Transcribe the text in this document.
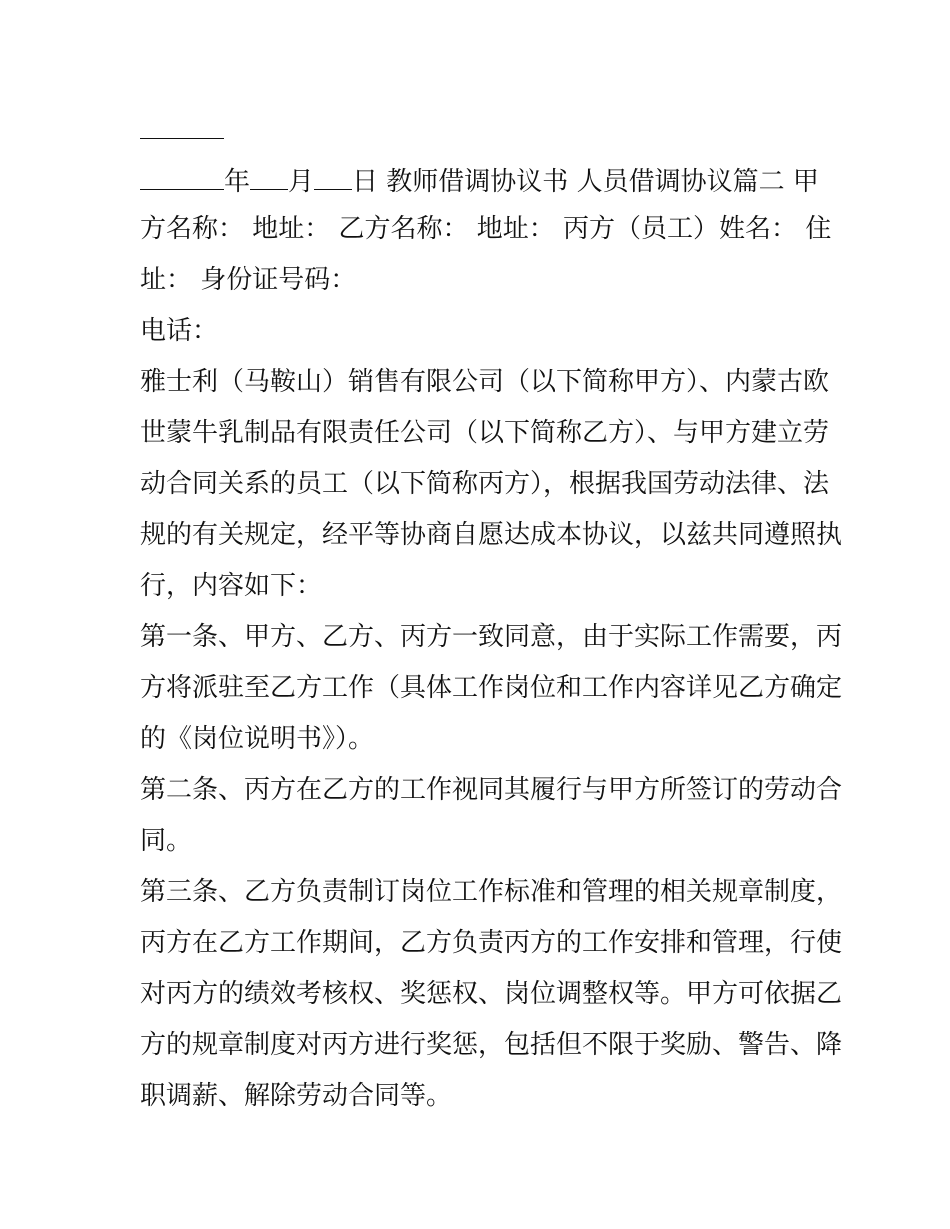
年 月 日 教师借调协议书 人员借调协议篇二 甲
方名称： 地址： 乙方名称： 地址： 丙方（员工）姓名： 住
址： 身份证号码：
电话：
雅士利（马鞍山）销售有限公司（以下简称甲方）、内蒙古欧
世蒙牛乳制品有限责任公司（以下简称乙方）、与甲方建立劳
动合同关系的员工（以下简称丙方），根据我国劳动法律、法
规的有关规定，经平等协商自愿达成本协议，以兹共同遵照执
行，内容如下：
第一条、甲方、乙方、丙方一致同意，由于实际工作需要，丙
方将派驻至乙方工作（具体工作岗位和工作内容详见乙方确定
的《岗位说明书》）。
第二条、丙方在乙方的工作视同其履行与甲方所签订的劳动合
同。
第三条、乙方负责制订岗位工作标准和管理的相关规章制度，
丙方在乙方工作期间，乙方负责丙方的工作安排和管理，行使
对丙方的绩效考核权、奖惩权、岗位调整权等。甲方可依据乙
方的规章制度对丙方进行奖惩，包括但不限于奖励、警告、降
职调薪、解除劳动合同等。
